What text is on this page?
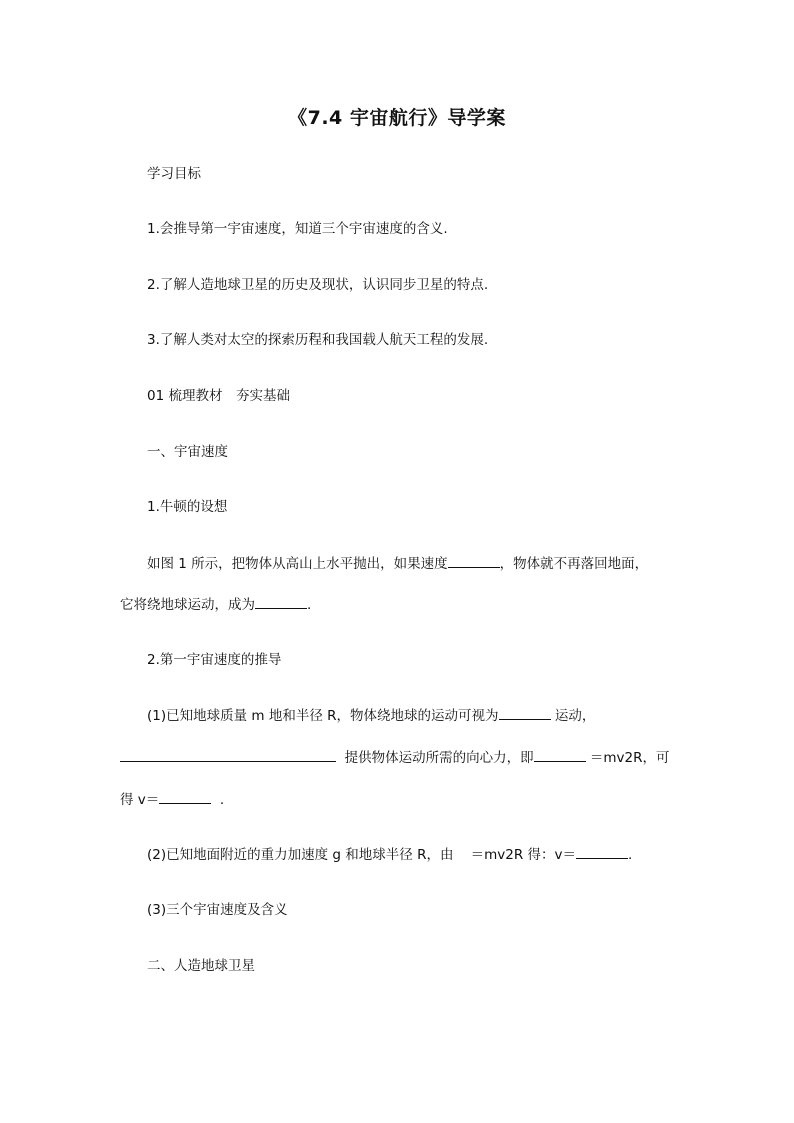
《7.4 宇宙航行》导学案
学习目标
1.会推导第一宇宙速度，知道三个宇宙速度的含义.
2.了解人造地球卫星的历史及现状，认识同步卫星的特点.
3.了解人类对太空的探索历程和我国载人航天工程的发展.
01 梳理教材　夯实基础
一、宇宙速度
1.牛顿的设想
如图 1 所示，把物体从高山上水平抛出，如果速度	，物体就不再落回地面，
它将绕地球运动，成为	.
2.第一宇宙速度的推导
(1)已知地球质量 m 地和半径 R，物体绕地球的运动可视为	运动，
提供物体运动所需的向心力，即	＝mv2R，可
得 v＝	.
(2)已知地面附近的重力加速度 g 和地球半径 R，由 ＝mv2R 得：v＝	.
(3)三个宇宙速度及含义
二、人造地球卫星
